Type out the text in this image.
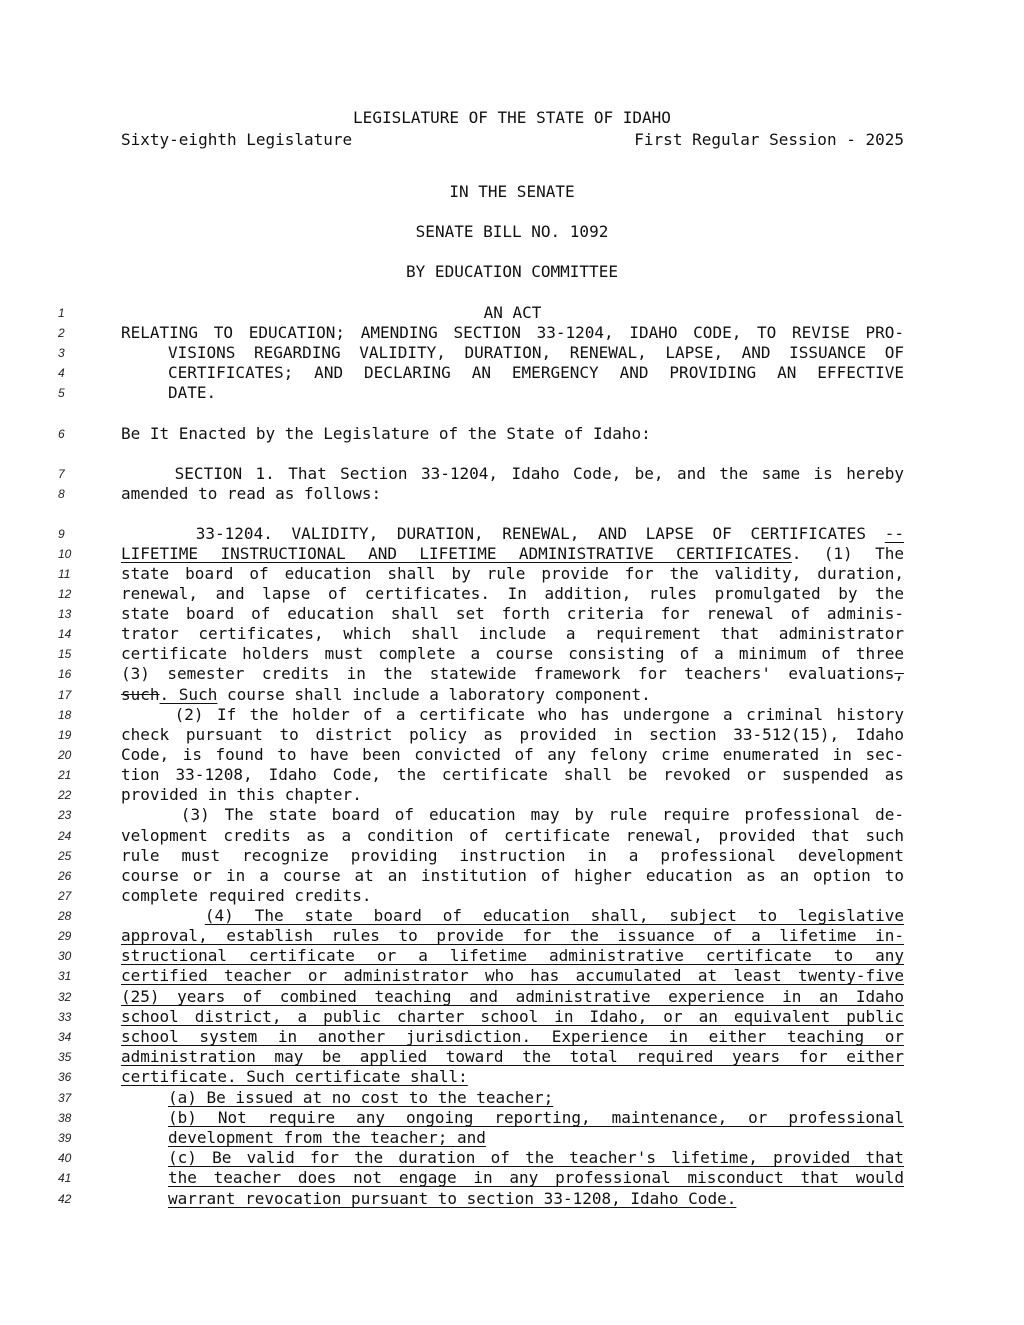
LEGISLATURE OF THE STATE OF IDAHO
Sixty-eighth Legislature	First Regular Session - 2025
IN THE SENATE
SENATE BILL NO. 1092
BY EDUCATION COMMITTEE
1	AN ACT
2	RELATING TO EDUCATION; AMENDING SECTION 33-1204, IDAHO CODE, TO REVISE PRO-
3	VISIONS REGARDING VALIDITY, DURATION, RENEWAL, LAPSE, AND ISSUANCE OF
4	CERTIFICATES; AND DECLARING AN EMERGENCY AND PROVIDING AN EFFECTIVE
5	DATE.
6	Be It Enacted by the Legislature of the State of Idaho:
7	SECTION 1. That Section 33-1204, Idaho Code, be, and the same is hereby
8	amended to read as follows:
9	33-1204. VALIDITY, DURATION, RENEWAL, AND LAPSE OF CERTIFICATES --
10	LIFETIME INSTRUCTIONAL AND LIFETIME ADMINISTRATIVE CERTIFICATES. (1) The
11	state board of education shall by rule provide for the validity, duration,
12	renewal, and lapse of certificates. In addition, rules promulgated by the
13	state board of education shall set forth criteria for renewal of adminis-
14	trator certificates, which shall include a requirement that administrator
15	certificate holders must complete a course consisting of a minimum of three
16	(3) semester credits in the statewide framework for teachers' evaluations,
17	such. Such course shall include a laboratory component.
18	(2) If the holder of a certificate who has undergone a criminal history
19	check pursuant to district policy as provided in section 33-512(15), Idaho
20	Code, is found to have been convicted of any felony crime enumerated in sec-
21	tion 33-1208, Idaho Code, the certificate shall be revoked or suspended as
22	provided in this chapter.
23	(3) The state board of education may by rule require professional de-
24	velopment credits as a condition of certificate renewal, provided that such
25	rule must recognize providing instruction in a professional development
26	course or in a course at an institution of higher education as an option to
27	complete required credits.
28	(4) The state board of education shall, subject to legislative
29	approval, establish rules to provide for the issuance of a lifetime in-
30	structional certificate or a lifetime administrative certificate to any
31	certified teacher or administrator who has accumulated at least twenty-five
32	(25) years of combined teaching and administrative experience in an Idaho
33	school district, a public charter school in Idaho, or an equivalent public
34	school system in another jurisdiction. Experience in either teaching or
35	administration may be applied toward the total required years for either
36	certificate. Such certificate shall:
37	(a) Be issued at no cost to the teacher;
38	(b) Not require any ongoing reporting, maintenance, or professional
39	development from the teacher; and
40	(c) Be valid for the duration of the teacher's lifetime, provided that
41	the teacher does not engage in any professional misconduct that would
42	warrant revocation pursuant to section 33-1208, Idaho Code.
